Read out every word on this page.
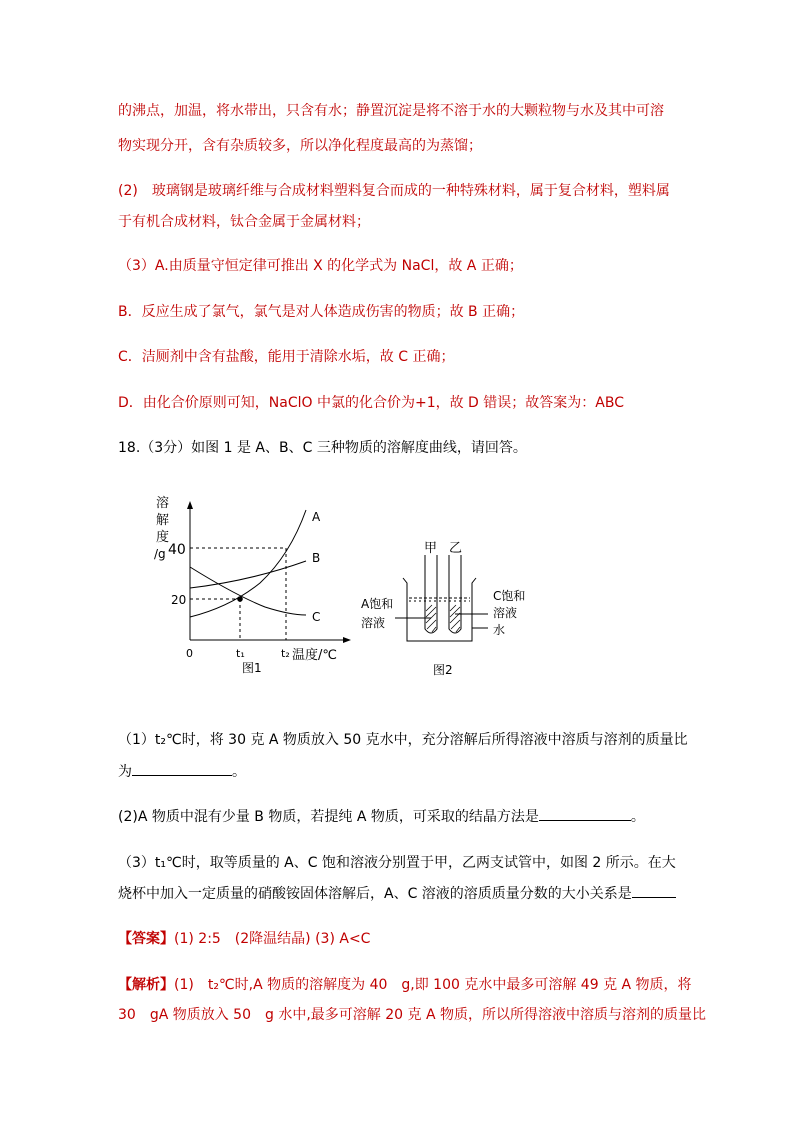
的沸点，加温，将水带出，只含有水；静置沉淀是将不溶于水的大颗粒物与水及其中可溶
物实现分开，含有杂质较多，所以净化程度最高的为蒸馏；
(2)　玻璃钢是玻璃纤维与合成材料塑料复合而成的一种特殊材料，属于复合材料，塑料属
于有机合成材料，钛合金属于金属材料；
（3）A.由质量守恒定律可推出 X 的化学式为 NaCl，故 A 正确；
B．反应生成了氯气，氯气是对人体造成伤害的物质；故 B 正确；
C．洁厕剂中含有盐酸，能用于清除水垢，故 C 正确；
D．由化合价原则可知，NaClO 中氯的化合价为+1，故 D 错误；故答案为：ABC
18.（3分）如图 1 是 A、B、C 三种物质的溶解度曲线，请回答。
溶
解
度
/g 40
20
0	t₁	t₂ 温度/℃
A
B
C
图1
甲 乙
A饱和
溶液
C饱和
溶液
水
图2
（1）t₂℃时，将 30 克 A 物质放入 50 克水中，充分溶解后所得溶液中溶质与溶剂的质量比
为	。
(2)A 物质中混有少量 B 物质，若提纯 A 物质，可采取的结晶方法是	。
（3）t₁℃时，取等质量的 A、C 饱和溶液分别置于甲，乙两支试管中，如图 2 所示。在大
烧杯中加入一定质量的硝酸铵固体溶解后，A、C 溶液的溶质质量分数的大小关系是
【答案】(1) 2:5　(2降温结晶) (3) A<C
【解析】(1)　t₂℃时,A 物质的溶解度为 40　g,即 100 克水中最多可溶解 49 克 A 物质，将
30　gA 物质放入 50　g 水中,最多可溶解 20 克 A 物质，所以所得溶液中溶质与溶剂的质量比
